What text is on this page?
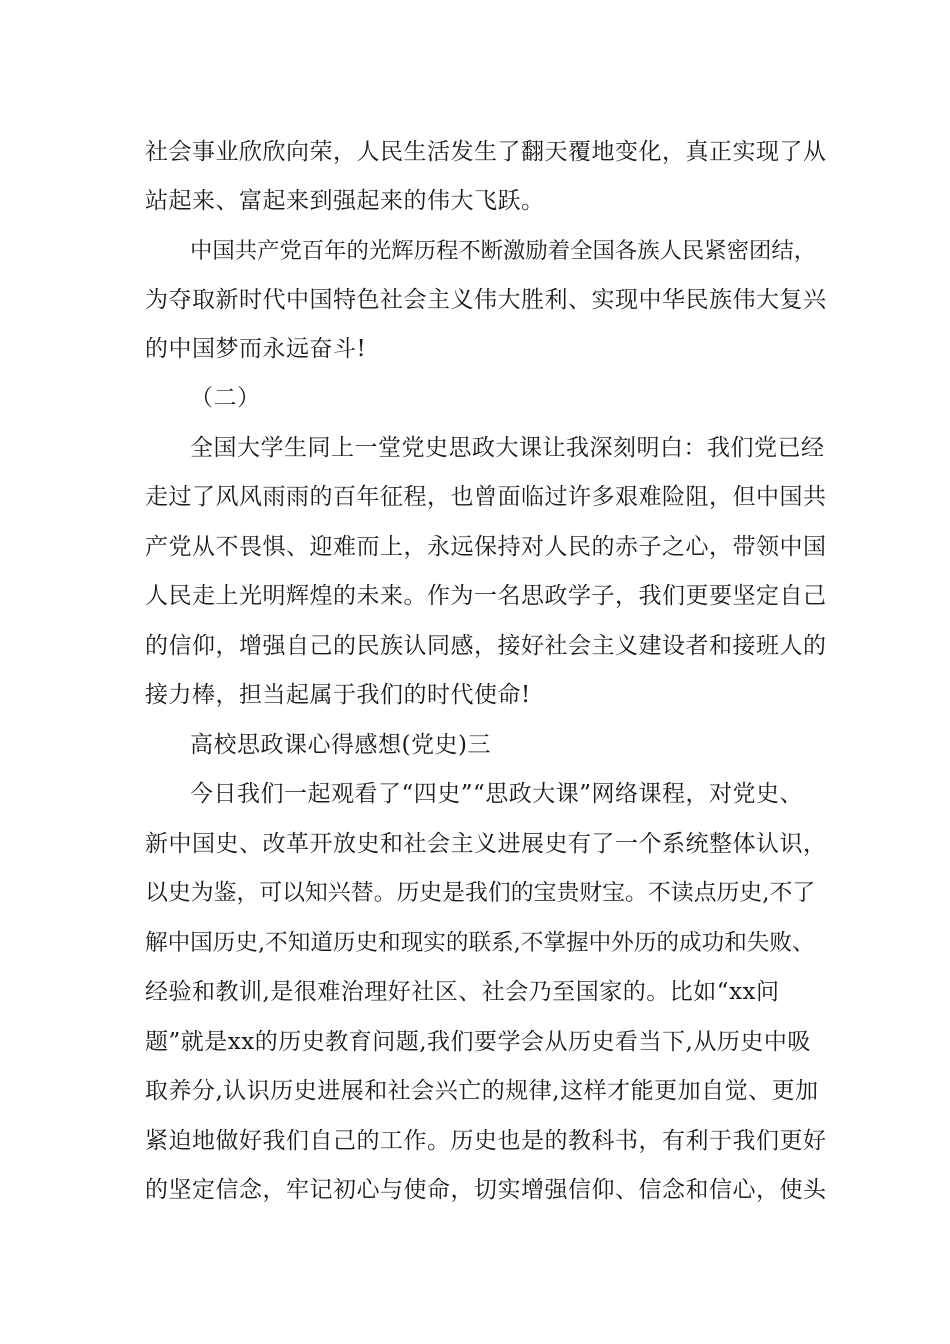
社会事业欣欣向荣，人民生活发生了翻天覆地变化，真正实现了从
站起来、富起来到强起来的伟大飞跃。
中国共产党百年的光辉历程不断激励着全国各族人民紧密团结，
为夺取新时代中国特色社会主义伟大胜利、实现中华民族伟大复兴
的中国梦而永远奋斗!
（二）
全国大学生同上一堂党史思政大课让我深刻明白：我们党已经
走过了风风雨雨的百年征程，也曾面临过许多艰难险阻，但中国共
产党从不畏惧、迎难而上，永远保持对人民的赤子之心，带领中国
人民走上光明辉煌的未来。作为一名思政学子，我们更要坚定自己
的信仰，增强自己的民族认同感，接好社会主义建设者和接班人的
接力棒，担当起属于我们的时代使命!
高校思政课心得感想(党史)三
今日我们一起观看了“四史”“思政大课”网络课程，对党史、
新中国史、改革开放史和社会主义进展史有了一个系统整体认识，
以史为鉴，可以知兴替。历史是我们的宝贵财宝。不读点历史,不了
解中国历史,不知道历史和现实的联系,不掌握中外历的成功和失败、
经验和教训,是很难治理好社区、社会乃至国家的。比如“xx问
题”就是xx的历史教育问题,我们要学会从历史看当下,从历史中吸
取养分,认识历史进展和社会兴亡的规律,这样才能更加自觉、更加
紧迫地做好我们自己的工作。历史也是的教科书，有利于我们更好
的坚定信念，牢记初心与使命，切实增强信仰、信念和信心，使头
